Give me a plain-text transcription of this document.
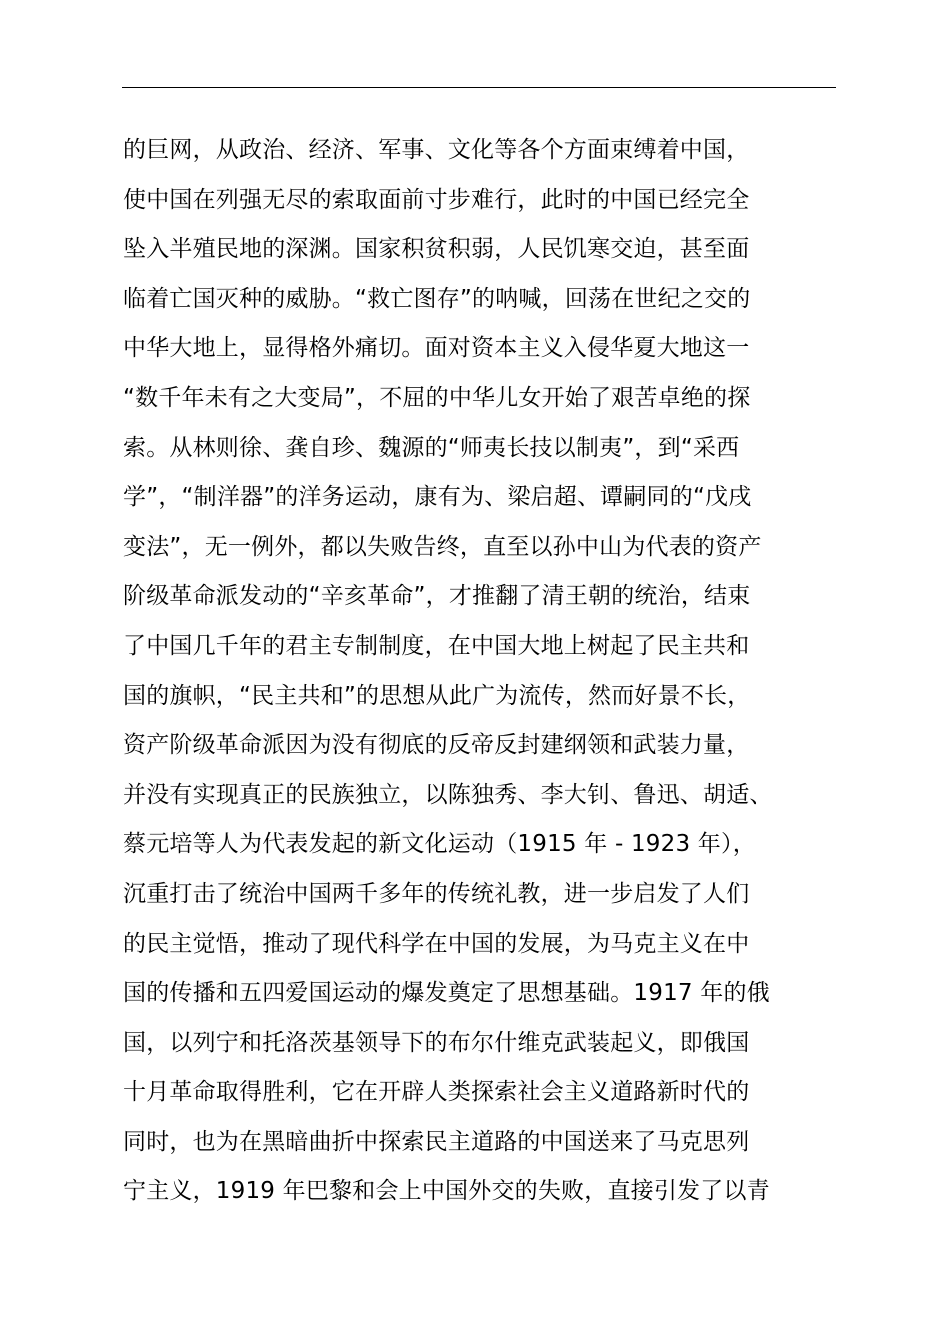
的巨网，从政治、经济、军事、文化等各个方面束缚着中国，
使中国在列强无尽的索取面前寸步难行，此时的中国已经完全
坠入半殖民地的深渊。国家积贫积弱，人民饥寒交迫，甚至面
临着亡国灭种的威胁。“救亡图存”的呐喊，回荡在世纪之交的
中华大地上，显得格外痛切。面对资本主义入侵华夏大地这一
“数千年未有之大变局”，不屈的中华儿女开始了艰苦卓绝的探
索。从林则徐、龚自珍、魏源的“师夷长技以制夷”，到“采西
学”，“制洋器”的洋务运动，康有为、梁启超、谭嗣同的“戊戌
变法”，无一例外，都以失败告终，直至以孙中山为代表的资产
阶级革命派发动的“辛亥革命”，才推翻了清王朝的统治，结束
了中国几千年的君主专制制度，在中国大地上树起了民主共和
国的旗帜，“民主共和”的思想从此广为流传，然而好景不长，
资产阶级革命派因为没有彻底的反帝反封建纲领和武装力量，
并没有实现真正的民族独立，以陈独秀、李大钊、鲁迅、胡适、
蔡元培等人为代表发起的新文化运动（1915 年 - 1923 年），
沉重打击了统治中国两千多年的传统礼教，进一步启发了人们
的民主觉悟，推动了现代科学在中国的发展，为马克主义在中
国的传播和五四爱国运动的爆发奠定了思想基础。1917 年的俄
国，以列宁和托洛茨基领导下的布尔什维克武装起义，即俄国
十月革命取得胜利，它在开辟人类探索社会主义道路新时代的
同时，也为在黑暗曲折中探索民主道路的中国送来了马克思列
宁主义，1919 年巴黎和会上中国外交的失败，直接引发了以青
